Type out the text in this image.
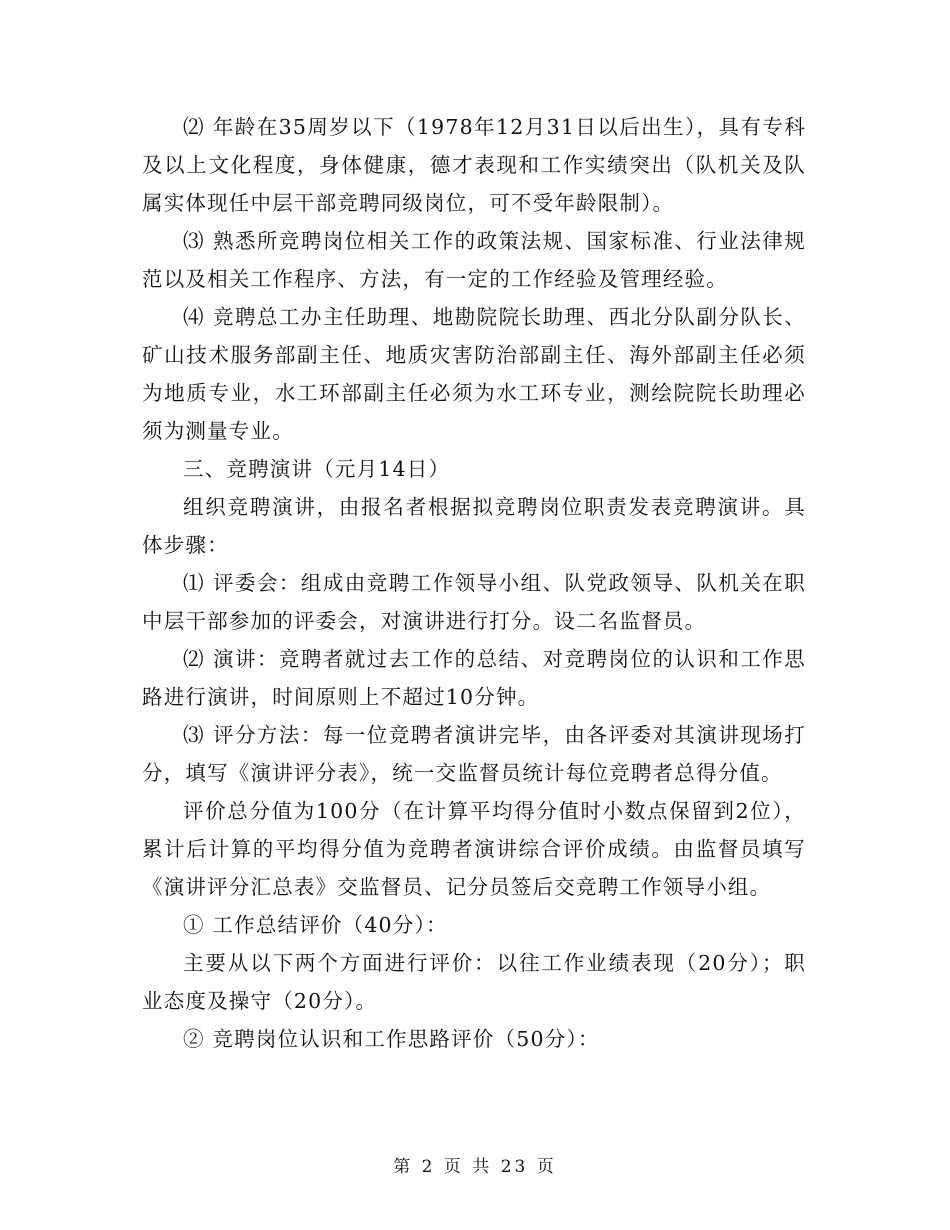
⑵ 年龄在35周岁以下（1978年12月31日以后出生），具有专科及以上文化程度，身体健康，德才表现和工作实绩突出（队机关及队属实体现任中层干部竞聘同级岗位，可不受年龄限制）。

⑶ 熟悉所竞聘岗位相关工作的政策法规、国家标准、行业法律规范以及相关工作程序、方法，有一定的工作经验及管理经验。

⑷ 竞聘总工办主任助理、地勘院院长助理、西北分队副分队长、矿山技术服务部副主任、地质灾害防治部副主任、海外部副主任必须为地质专业，水工环部副主任必须为水工环专业，测绘院院长助理必须为测量专业。

三、竞聘演讲（元月14日）

组织竞聘演讲，由报名者根据拟竞聘岗位职责发表竞聘演讲。具体步骤：

⑴ 评委会：组成由竞聘工作领导小组、队党政领导、队机关在职中层干部参加的评委会，对演讲进行打分。设二名监督员。

⑵ 演讲：竞聘者就过去工作的总结、对竞聘岗位的认识和工作思路进行演讲，时间原则上不超过10分钟。

⑶ 评分方法：每一位竞聘者演讲完毕，由各评委对其演讲现场打分，填写《演讲评分表》，统一交监督员统计每位竞聘者总得分值。

评价总分值为100分（在计算平均得分值时小数点保留到2位），累计后计算的平均得分值为竞聘者演讲综合评价成绩。由监督员填写《演讲评分汇总表》交监督员、记分员签后交竞聘工作领导小组。

① 工作总结评价（40分）：

主要从以下两个方面进行评价：以往工作业绩表现（20分）；职业态度及操守（20分）。

② 竞聘岗位认识和工作思路评价（50分）：

第 2 页 共 23 页
